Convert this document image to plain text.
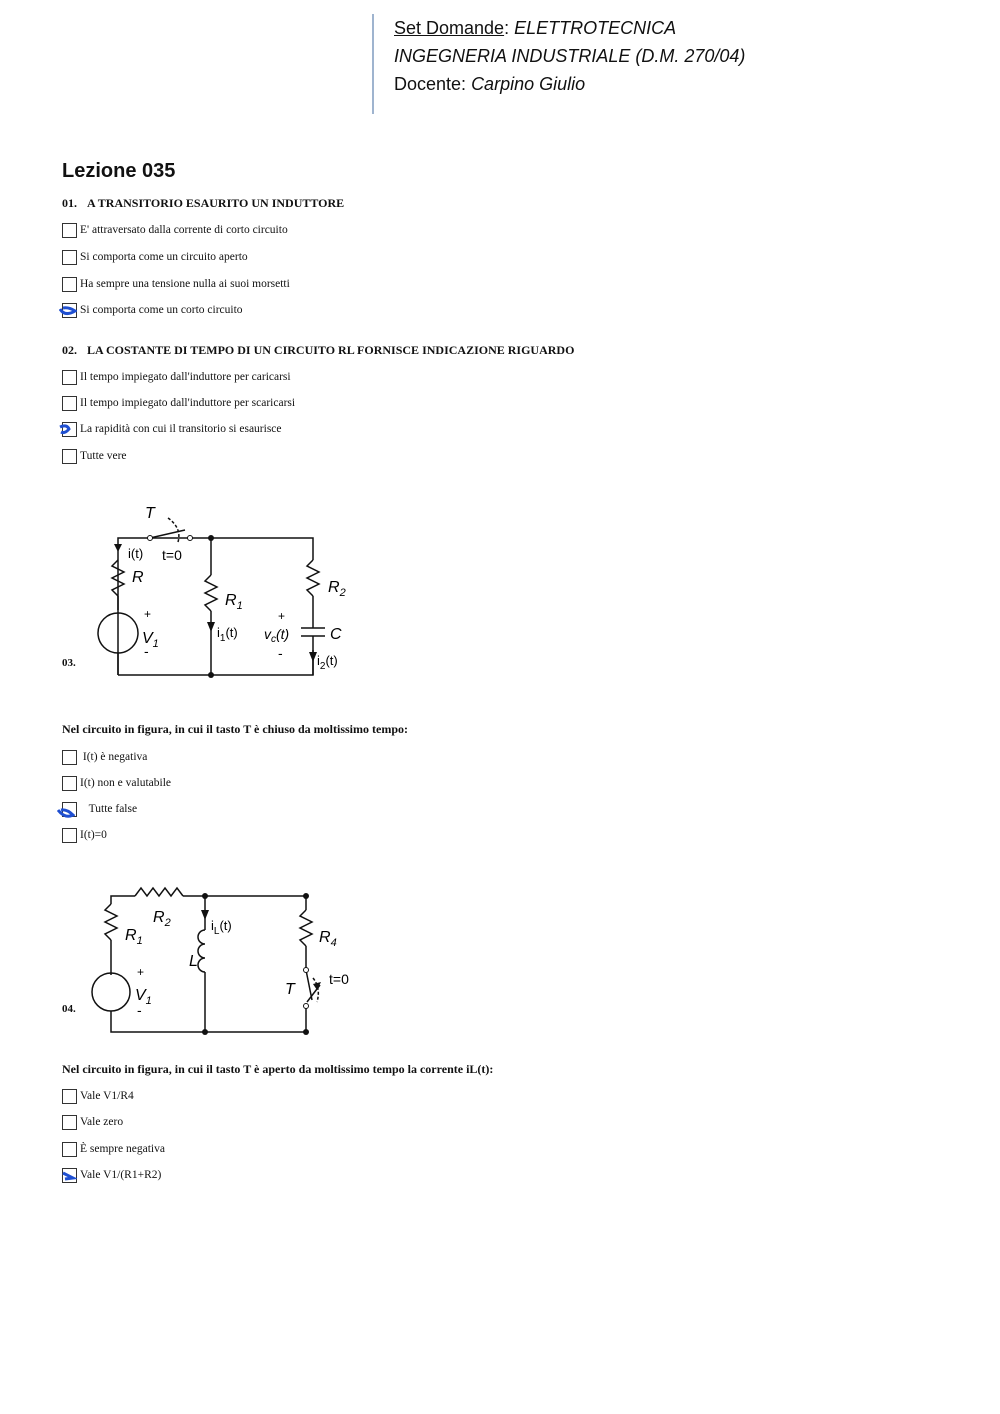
Set Domande: ELETTROTECNICA
INGEGNERIA INDUSTRIALE (D.M. 270/04)
Docente: Carpino Giulio
Lezione 035
01. A TRANSITORIO ESAURITO UN INDUTTORE
E' attraversato dalla corrente di corto circuito
Si comporta come un circuito aperto
Ha sempre una tensione nulla ai suoi morsetti
Si comporta come un corto circuito
02. LA COSTANTE DI TEMPO DI UN CIRCUITO RL FORNISCE INDICAZIONE RIGUARDO
Il tempo impiegato dall'induttore per caricarsi
Il tempo impiegato dall'induttore per scaricarsi
La rapidità con cui il transitorio si esaurisce
Tutte vere
03.
T
t=0
i(t)
R
+
$V_1$
-
$R_1$
$i_1(t)$
$R_2$
+
$v_c(t)$
-
C
$i_2(t)$
Nel circuito in figura, in cui il tasto T è chiuso da moltissimo tempo:

I(t) è negativa
I(t) non e valutabile

Tutte false
I(t)=0
04.
$R_1$
$R_2$	$i_L(t)$
L
$R_4$
T
t=0
+
$V_1$
-
Nel circuito in figura, in cui il tasto T è aperto da moltissimo tempo la corrente iL(t):
Vale V1/R4
Vale zero
È sempre negativa
Vale V1/(R1+R2)
